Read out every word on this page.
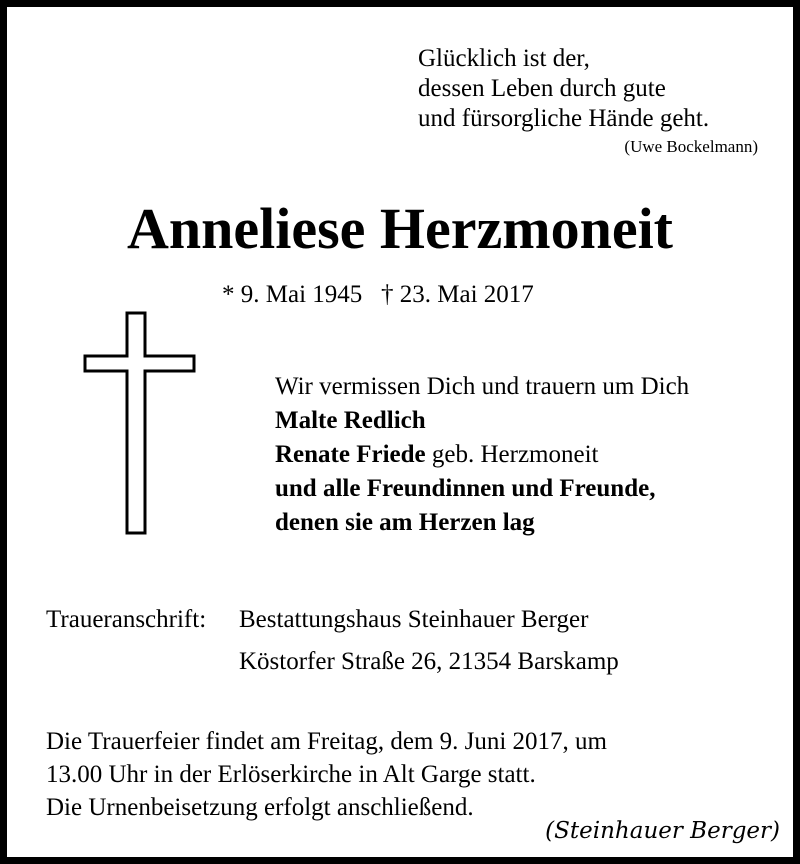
Glücklich ist der,
dessen Leben durch gute
und fürsorgliche Hände geht.
(Uwe Bockelmann)
Anneliese Herzmoneit
* 9. Mai 1945   † 23. Mai 2017
Wir vermissen Dich und trauern um Dich
Malte Redlich
Renate Friede geb. Herzmoneit
und alle Freundinnen und Freunde,
denen sie am Herzen lag
Traueranschrift:	Bestattungshaus Steinhauer Berger
Köstorfer Straße 26, 21354 Barskamp
Die Trauerfeier findet am Freitag, dem 9. Juni 2017, um
13.00 Uhr in der Erlöserkirche in Alt Garge statt.
Die Urnenbeisetzung erfolgt anschließend.
(Steinhauer Berger)
